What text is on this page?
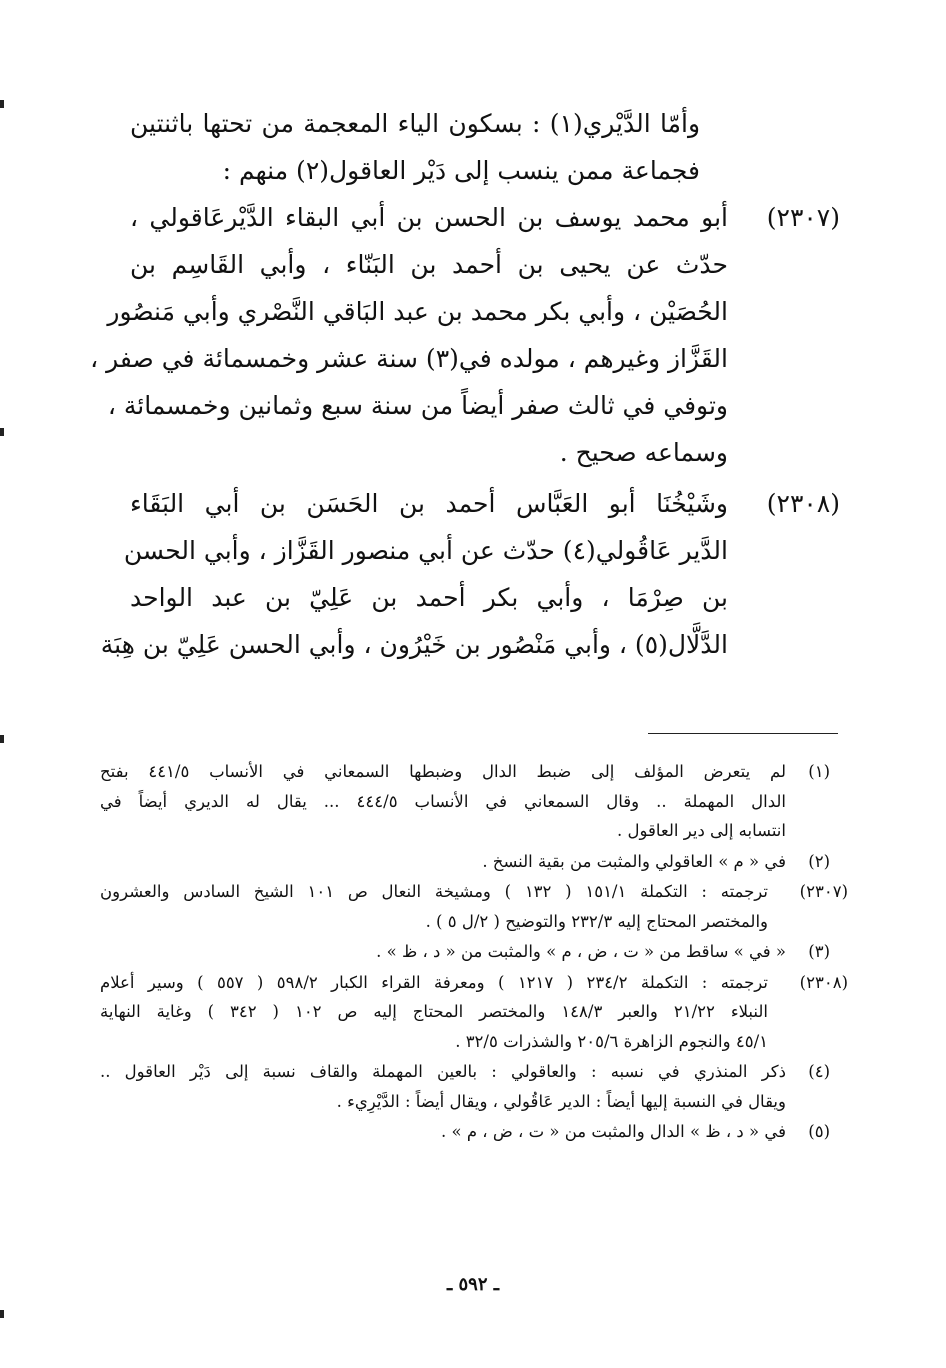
وأمّا الدَّيْري(١) : بسكون الياء المعجمة من تحتها باثنتين
فجماعة ممن ينسب إلى دَيْر العاقول(٢) منهم :
(٢٣٠٧)
أبو محمد يوسف بن الحسن بن أبي البقاء الدَّيْرعَاقولي ،
حدّث عن يحيى بن أحمد بن البَنّاء ، وأبي القَاسِم بن
الحُصَيْن ، وأبي بكر محمد بن عبد البَاقي النَّصْري وأبي مَنصُور
القَزَّاز وغيرهم ، مولده في(٣) سنة عشر وخمسمائة في صفر ،
وتوفي في ثالث صفر أيضاً من سنة سبع وثمانين وخمسمائة ،
وسماعه صحيح .
(٢٣٠٨)
وشَيْخُنَا أبو العَبَّاس أحمد بن الحَسَن بن أبي البَقَاء
الدَّير عَاقُولي(٤) حدّث عن أبي منصور القَزَّاز ، وأبي الحسن
بن صِرْمَا ، وأبي بكر أحمد بن عَلِيّ بن عبد الواحد
الدَّلَّال(٥) ، وأبي مَنْصُور بن خَيْرُون ، وأبي الحسن عَلِيّ بن هِبَة
(١)
لم يتعرض المؤلف إلى ضبط الدال وضبطها السمعاني في الأنساب ٤٤١/٥ بفتح
الدال المهملة .. وقال السمعاني في الأنساب ٤٤٤/٥ ... يقال له الديري أيضاً في
انتسابه إلى دير العاقول .
(٢)
في « م » العاقولي والمثبت من بقية النسخ .
(٢٣٠٧)
ترجمته : التكملة ١٥١/١ ( ١٣٢ ) ومشيخة النعال ص ١٠١ الشيخ السادس والعشرون
والمختصر المحتاج إليه ٢٣٢/٣ والتوضيح ( ٢/ل ٥ ) .
(٣)
« في » ساقط من « ت ، ض ، م » والمثبت من « د ، ظ » .
(٢٣٠٨)
ترجمته : التكملة ٢٣٤/٢ ( ١٢١٧ ) ومعرفة القراء الكبار ٥٩٨/٢ ( ٥٥٧ ) وسير أعلام
النبلاء ٢١/٢٢ والعبر ١٤٨/٣ والمختصر المحتاج إليه ص ١٠٢ ( ٣٤٢ ) وغاية النهاية
٤٥/١ والنجوم الزاهرة ٢٠٥/٦ والشذرات ٣٢/٥ .
(٤)
ذكر المنذري في نسبه : والعاقولي : بالعين المهملة والقاف نسبة إلى دَيْر العاقول ..
ويقال في النسبة إليها أيضاً : الدير عَاقُولي ، ويقال أيضاً : الدَّيْرِيء .
(٥)
في « د ، ظ » الدال والمثبت من « ت ، ض ، م » .
ـ ٥٩٢ ـ
